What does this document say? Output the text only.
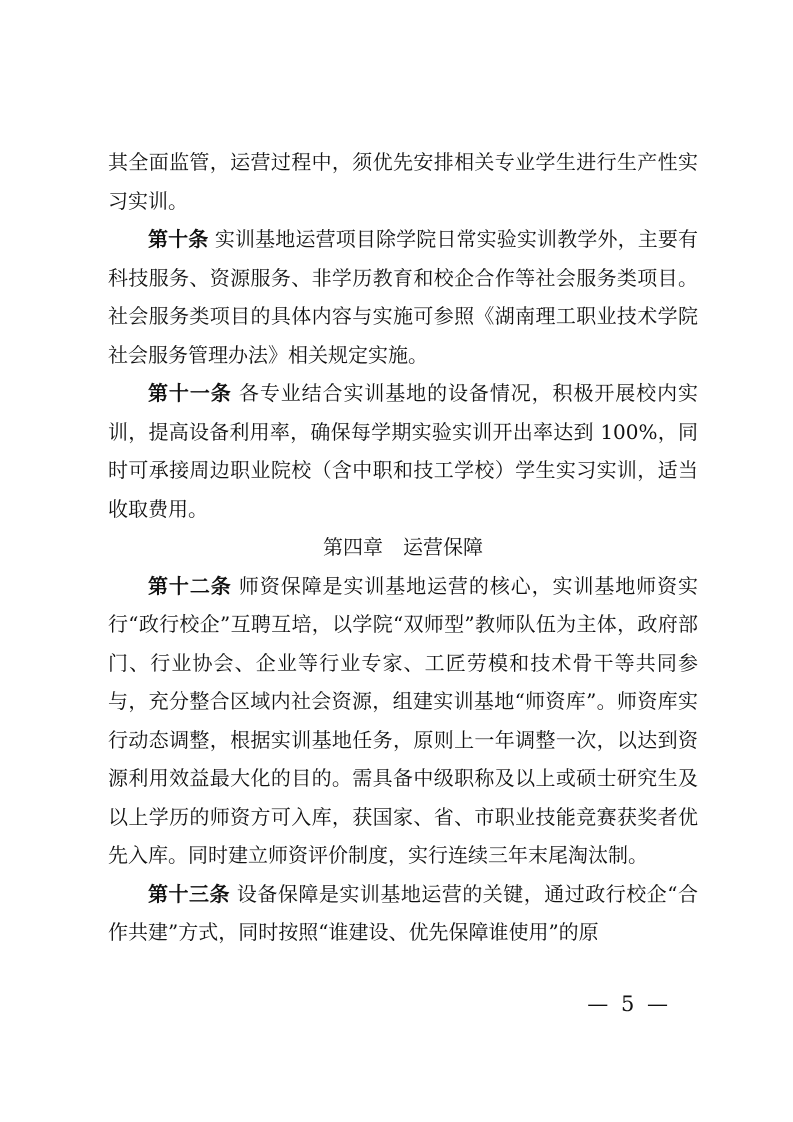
其全面监管，运营过程中，须优先安排相关专业学生进行生产性实习实训。

第十条 实训基地运营项目除学院日常实验实训教学外，主要有科技服务、资源服务、非学历教育和校企合作等社会服务类项目。社会服务类项目的具体内容与实施可参照《湖南理工职业技术学院社会服务管理办法》相关规定实施。

第十一条 各专业结合实训基地的设备情况，积极开展校内实训，提高设备利用率，确保每学期实验实训开出率达到 100%，同时可承接周边职业院校（含中职和技工学校）学生实习实训，适当收取费用。

第四章　运营保障

第十二条 师资保障是实训基地运营的核心，实训基地师资实行“政行校企”互聘互培，以学院“双师型”教师队伍为主体，政府部门、行业协会、企业等行业专家、工匠劳模和技术骨干等共同参与，充分整合区域内社会资源，组建实训基地“师资库”。师资库实行动态调整，根据实训基地任务，原则上一年调整一次，以达到资源利用效益最大化的目的。需具备中级职称及以上或硕士研究生及以上学历的师资方可入库，获国家、省、市职业技能竞赛获奖者优先入库。同时建立师资评价制度，实行连续三年末尾淘汰制。

第十三条 设备保障是实训基地运营的关键，通过政行校企“合作共建”方式，同时按照“谁建设、优先保障谁使用”的原

— 5 —
